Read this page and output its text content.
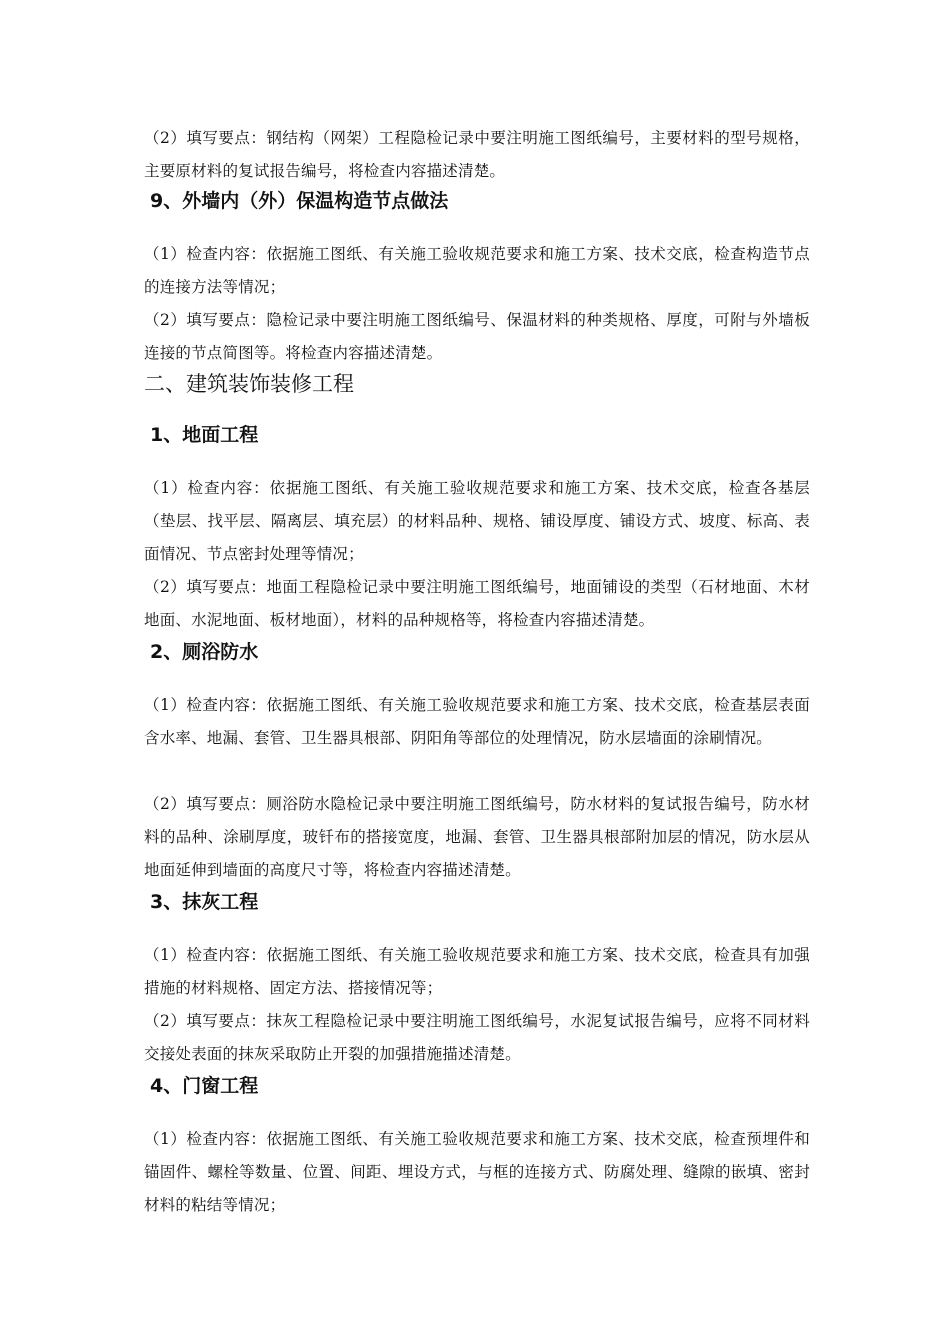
（2）填写要点：钢结构（网架）工程隐检记录中要注明施工图纸编号，主要材料的型号规格，主要原材料的复试报告编号，将检查内容描述清楚。

9、外墙内（外）保温构造节点做法

（1）检查内容：依据施工图纸、有关施工验收规范要求和施工方案、技术交底，检查构造节点的连接方法等情况；

（2）填写要点：隐检记录中要注明施工图纸编号、保温材料的种类规格、厚度，可附与外墙板连接的节点简图等。将检查内容描述清楚。

二、建筑装饰装修工程
1、地面工程

（1）检查内容：依据施工图纸、有关施工验收规范要求和施工方案、技术交底，检查各基层（垫层、找平层、隔离层、填充层）的材料品种、规格、铺设厚度、铺设方式、坡度、标高、表面情况、节点密封处理等情况；

（2）填写要点：地面工程隐检记录中要注明施工图纸编号，地面铺设的类型（石材地面、木材地面、水泥地面、板材地面），材料的品种规格等，将检查内容描述清楚。

2、厕浴防水

（1）检查内容：依据施工图纸、有关施工验收规范要求和施工方案、技术交底，检查基层表面含水率、地漏、套管、卫生器具根部、阴阳角等部位的处理情况，防水层墙面的涂刷情况。

（2）填写要点：厕浴防水隐检记录中要注明施工图纸编号，防水材料的复试报告编号，防水材料的品种、涂刷厚度，玻钎布的搭接宽度，地漏、套管、卫生器具根部附加层的情况，防水层从地面延伸到墙面的高度尺寸等，将检查内容描述清楚。

3、抹灰工程

（1）检查内容：依据施工图纸、有关施工验收规范要求和施工方案、技术交底，检查具有加强措施的材料规格、固定方法、搭接情况等；

（2）填写要点：抹灰工程隐检记录中要注明施工图纸编号，水泥复试报告编号，应将不同材料交接处表面的抹灰采取防止开裂的加强措施描述清楚。

4、门窗工程

（1）检查内容：依据施工图纸、有关施工验收规范要求和施工方案、技术交底，检查预埋件和锚固件、螺栓等数量、位置、间距、埋设方式，与框的连接方式、防腐处理、缝隙的嵌填、密封材料的粘结等情况；
